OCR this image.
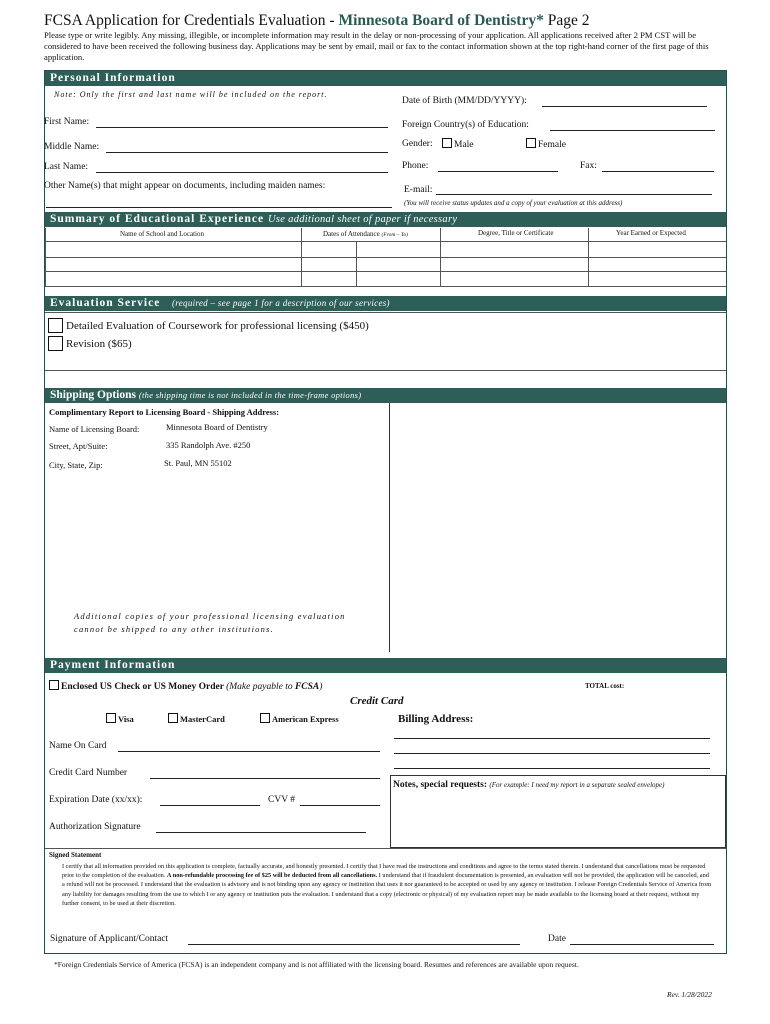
FCSA Application for Credentials Evaluation - Minnesota Board of Dentistry* Page 2
Please type or write legibly. Any missing, illegible, or incomplete information may result in the delay or non-processing of your application. All applications received after 2 PM CST will be considered to have been received the following business day. Applications may be sent by email, mail or fax to the contact information shown at the top right-hand corner of the first page of this application.
Personal Information
Note: Only the first and last name will be included on the report.
Date of Birth (MM/DD/YYYY):
First Name:	Foreign Country(s) of Education:
Middle Name:	Gender:	Male	Female
Last Name:	Phone:	Fax:
Other Name(s) that might appear on documents, including maiden names:	E-mail:
(You will receive status updates and a copy of your evaluation at this address)
Summary of Educational Experience Use additional sheet of paper if necessary
Name of School and Location	Dates of Attendance (From – To)	Degree, Title or Certificate	Year Earned or Expected
Evaluation Service (required – see page 1 for a description of our services)
Detailed Evaluation of Coursework for professional licensing ($450)
Revision ($65)
Shipping Options (the shipping time is not included in the time-frame options)
Complimentary Report to Licensing Board - Shipping Address:
Name of Licensing Board:	Minnesota Board of Dentistry
Street, Apt/Suite:	335 Randolph Ave. #250
City, State, Zip:	St. Paul, MN 55102
Additional copies of your professional licensing evaluation
cannot be shipped to any other institutions.
Payment Information
Enclosed US Check or US Money Order (Make payable to FCSA)	TOTAL cost:
Credit Card
Visa	MasterCard	American Express	Billing Address:
Name On Card
Credit Card Number
Notes, special requests: (For example: I need my report in a separate sealed envelope)
Expiration Date (xx/xx):	CVV #
Authorization Signature
Signed Statement
I certify that all information provided on this application is complete, factually accurate, and honestly presented. I certify that I have read the instructions and conditions and agree to the terms stated therein. I understand that cancellations must be requested prior to the completion of the evaluation. A non-refundable processing fee of $25 will be deducted from all cancellations. I understand that if fraudulent documentation is presented, an evaluation will not be provided, the application will be canceled, and a refund will not be processed. I understand that the evaluation is advisory and is not binding upon any agency or institution that uses it nor guaranteed to be accepted or used by any agency or institution. I release Foreign Credentials Service of America from any liability for damages resulting from the use to which I or any agency or institution puts the evaluation. I understand that a copy (electronic or physical) of my evaluation report may be made available to the licensing board at their request, without my further consent, to be used at their discretion.
Signature of Applicant/Contact	Date
*Foreign Credentials Service of America (FCSA) is an independent company and is not affiliated with the licensing board. Resumes and references are available upon request.
Rev. 1/28/2022
